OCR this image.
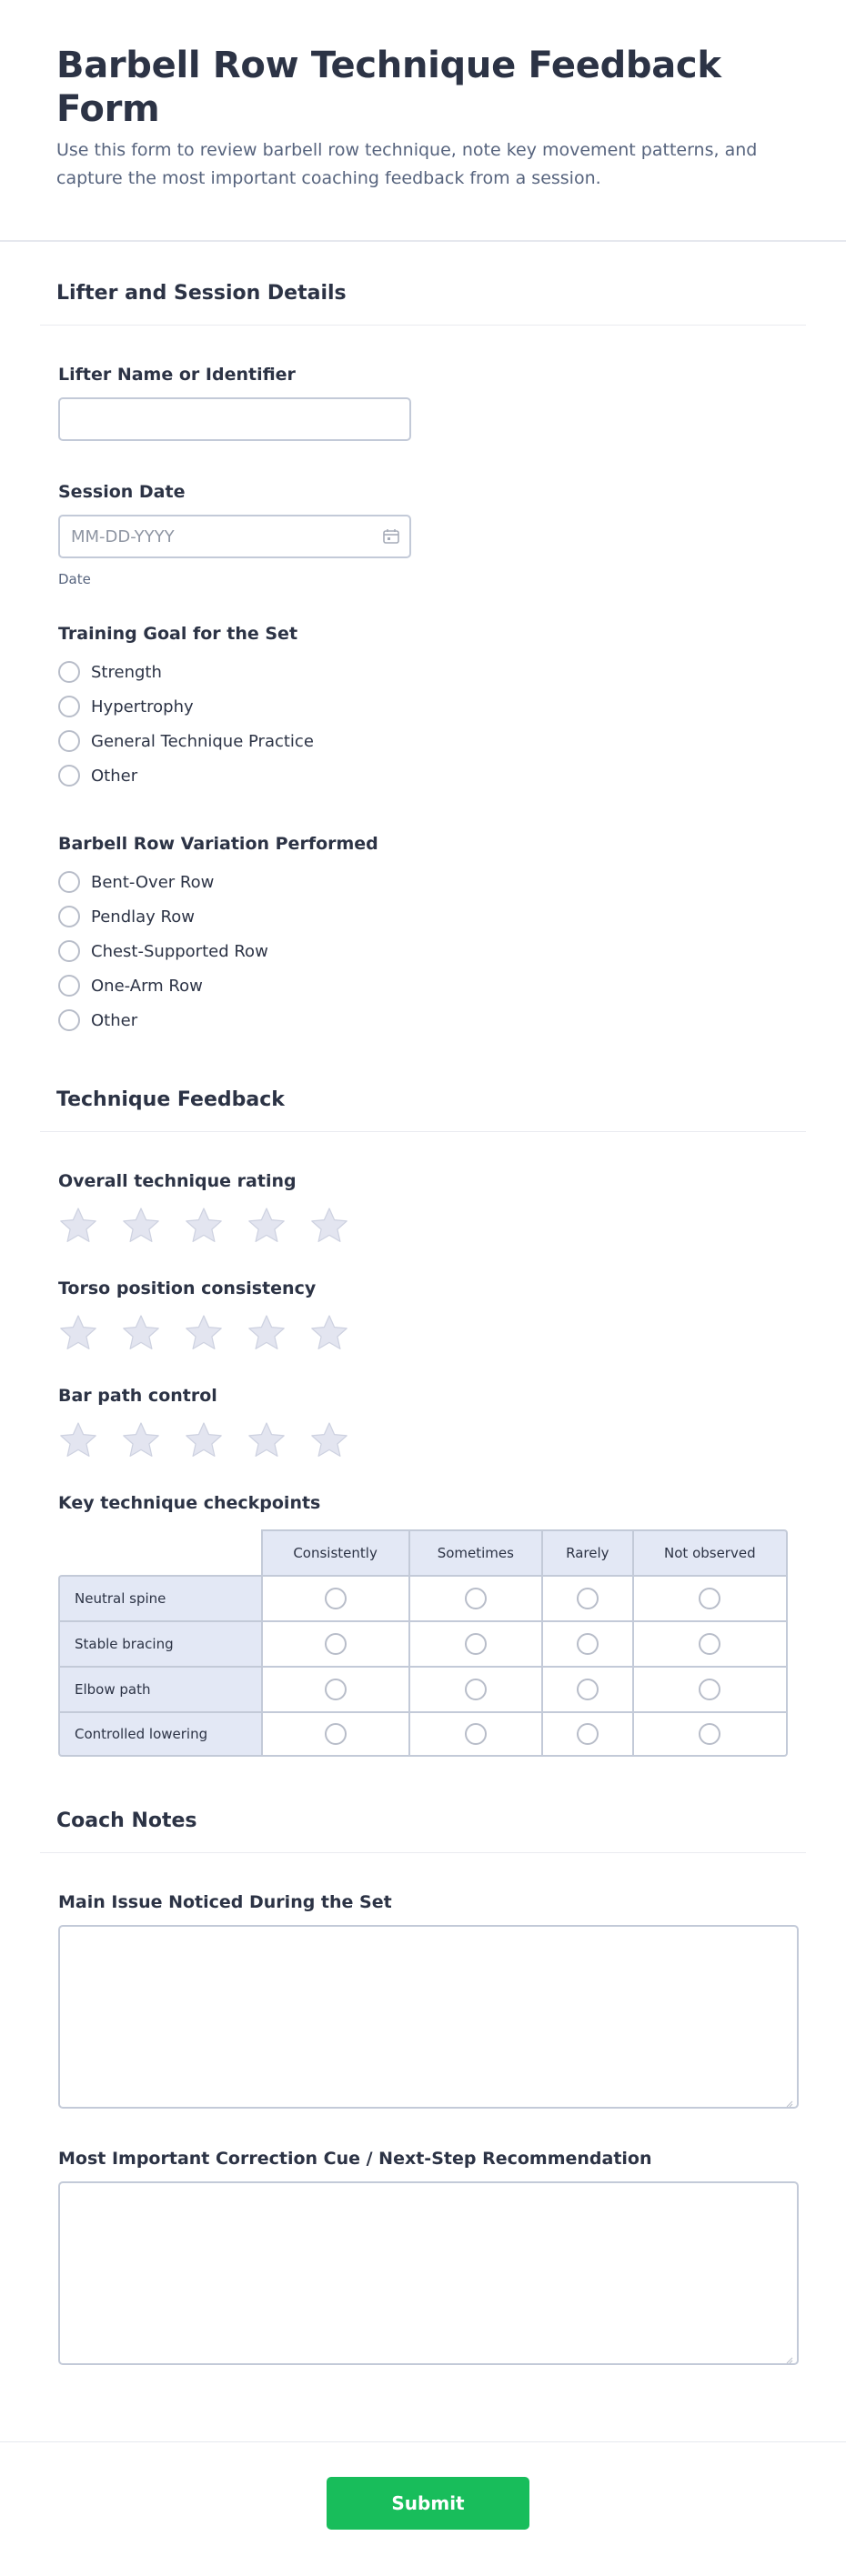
Barbell Row Technique Feedback Form

Use this form to review barbell row technique, note key movement patterns, and capture the most important coaching feedback from a session.

Lifter and Session Details
Lifter Name or Identifier
Session Date
MM-DD-YYYY
Date
Training Goal for the Set
Strength
Hypertrophy
General Technique Practice
Other
Barbell Row Variation Performed
Bent-Over Row
Pendlay Row
Chest-Supported Row
One-Arm Row
Other
Technique Feedback
Overall technique rating
Torso position consistency
Bar path control
Key technique checkpoints
	Consistently	Sometimes	Rarely	Not observed
Neutral spine				
Stable bracing				
Elbow path				
Controlled lowering				
Coach Notes
Main Issue Noticed During the Set
Most Important Correction Cue / Next-Step Recommendation
Submit
